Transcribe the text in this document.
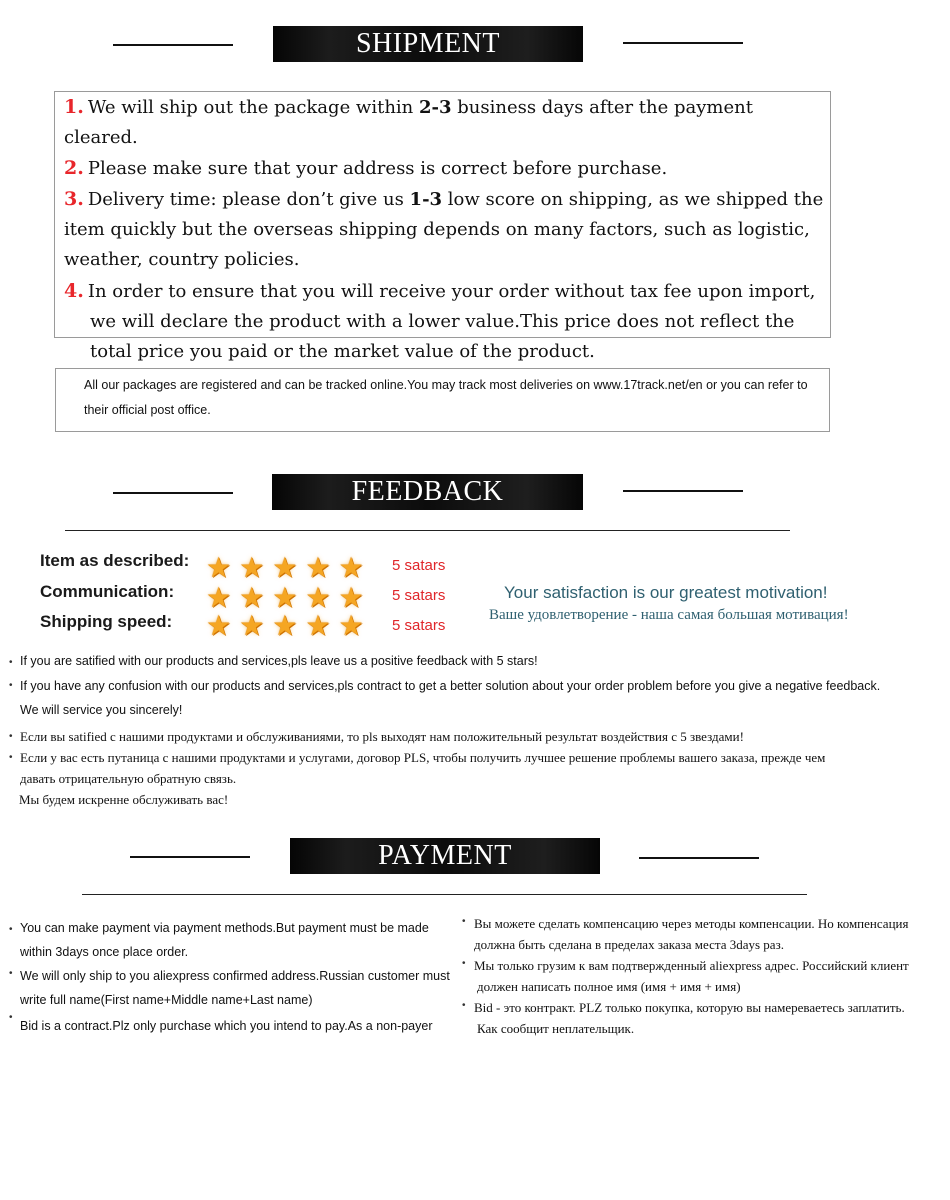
SHIPMENT
1. We will ship out the package within 2-3 business days after the payment cleared.
2. Please make sure that your address is correct before purchase.
3. Delivery time: please don’t give us 1-3 low score on shipping, as we shipped the item quickly but the overseas shipping depends on many factors, such as logistic, weather, country policies.
4. In order to ensure that you will receive your order without tax fee upon import, we will declare the product with a lower value.This price does not reflect the total price you paid or the market value of the product.
All our packages are registered and can be tracked online.You may track most deliveries on www.17track.net/en or you can refer to their official post office.
FEEDBACK
Item as described: ★ ★ ★ ★ ★ 5 satars
Communication: ★ ★ ★ ★ ★ 5 satars
Shipping speed: ★ ★ ★ ★ ★ 5 satars
Your satisfaction is our greatest motivation!
Ваше удовлетворение - наша самая большая мотивация!
• If you are satified with our products and services,pls leave us a positive feedback with 5 stars!
• If you have any confusion with our products and services,pls contract to get a better solution about your order problem before you give a negative feedback.
We will service you sincerely!
• Если вы satified с нашими продуктами и обслуживаниями, то pls выходят нам положительный результат воздействия с 5 звездами!
• Если у вас есть путаница с нашими продуктами и услугами, договор PLS, чтобы получить лучшее решение проблемы вашего заказа, прежде чем
давать отрицательную обратную связь.
Мы будем искренне обслуживать вас!
PAYMENT
• You can make payment via payment methods.But payment must be made
within 3days once place order.
• We will only ship to you aliexpress confirmed address.Russian customer must
write full name(First name+Middle name+Last name)
•
Bid is a contract.Plz only purchase which you intend to pay.As a non-payer
• Вы можете сделать компенсацию через методы компенсации. Но компенсация
должна быть сделана в пределах заказа места 3days раз.
• Мы только грузим к вам подтвержденный aliexpress адрес. Российский клиент
должен написать полное имя (имя + имя + имя)
• Bid - это контракт. PLZ только покупка, которую вы намереваетесь заплатить.
Как сообщит неплательщик.
